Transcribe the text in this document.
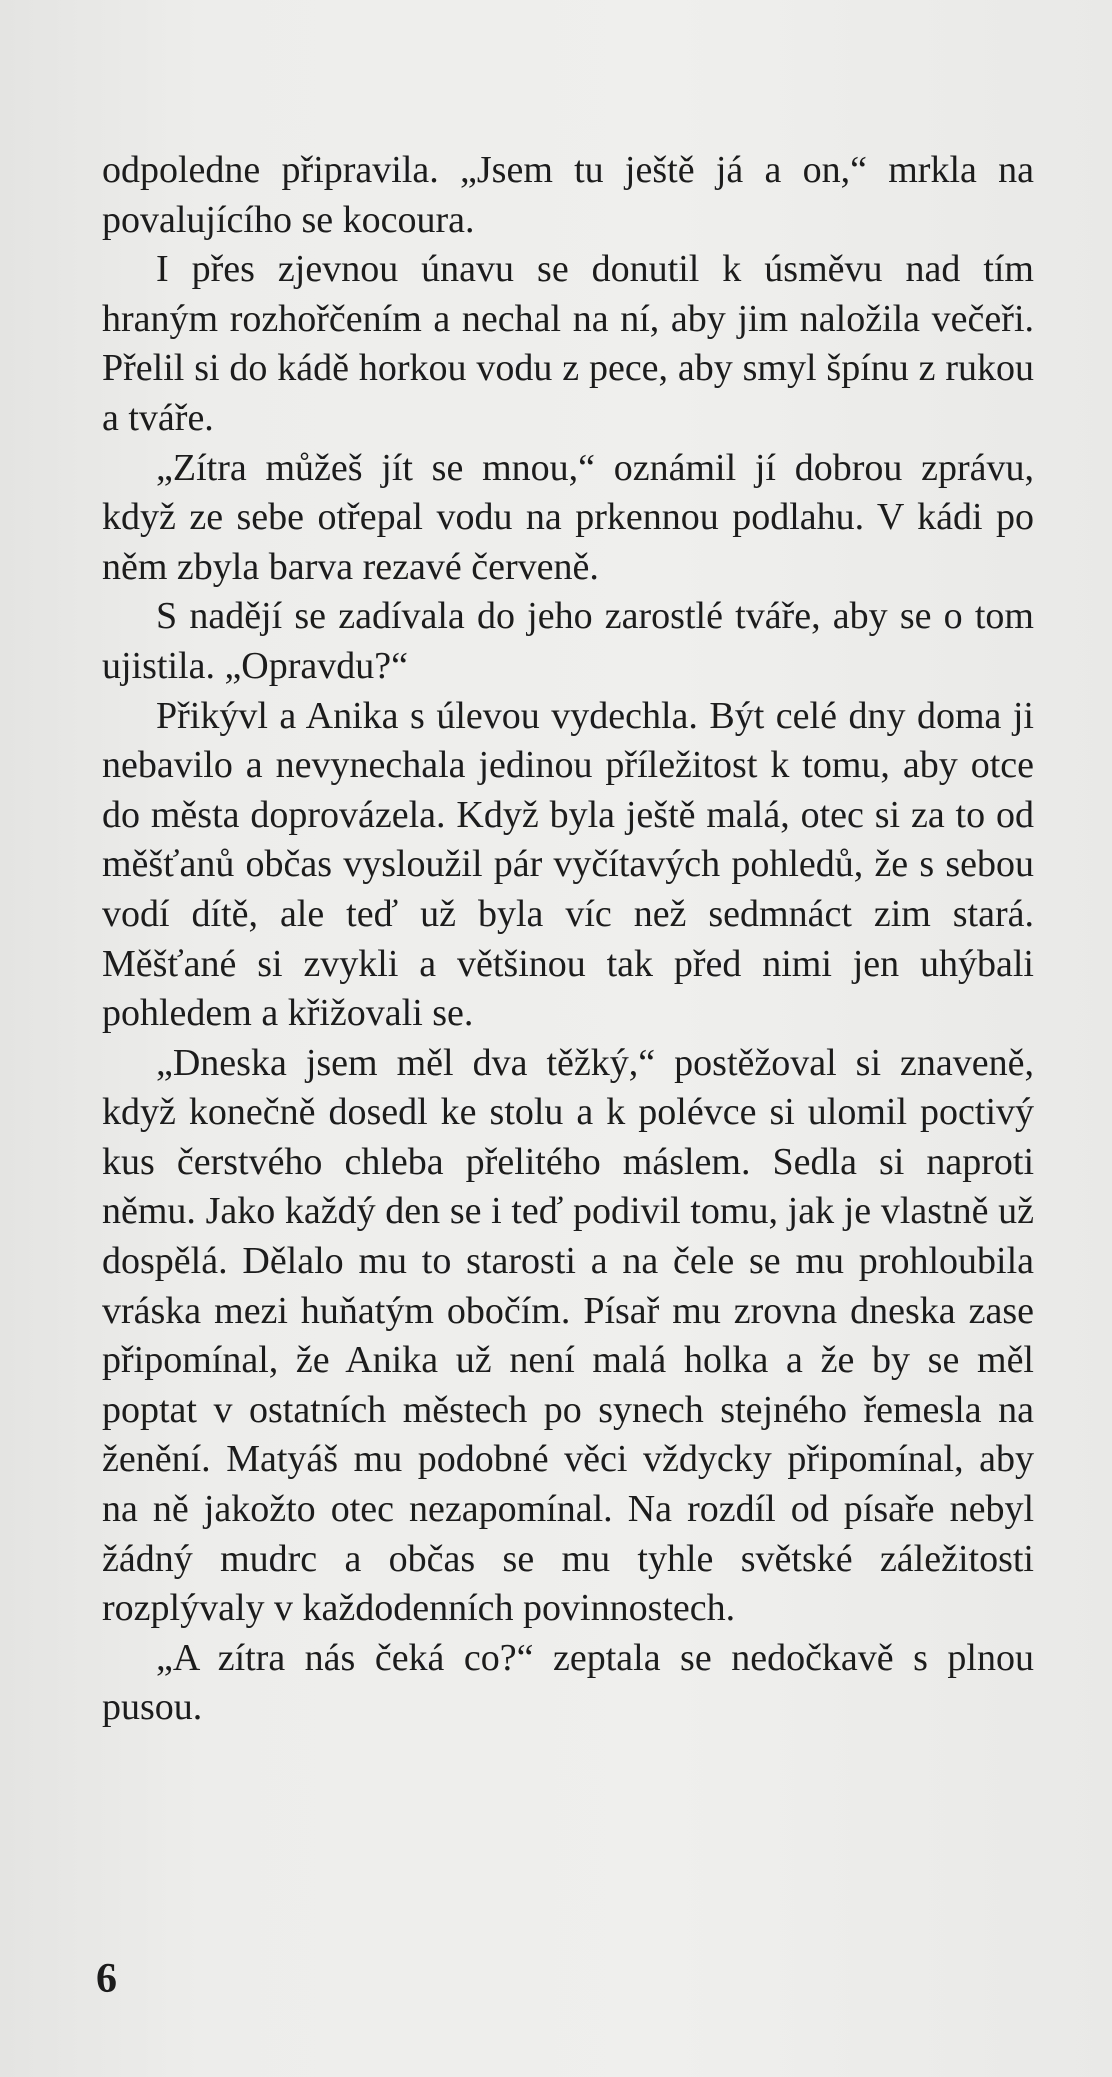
odpoledne připravila. „Jsem tu ještě já a on,“ mrkla na povalujícího se kocoura.

I přes zjevnou únavu se donutil k úsměvu nad tím hraným rozhořčením a nechal na ní, aby jim naložila večeři. Přelil si do kádě horkou vodu z pece, aby smyl špínu z rukou a tváře.

„Zítra můžeš jít se mnou,“ oznámil jí dobrou zprávu, když ze sebe otřepal vodu na prkennou podlahu. V kádi po něm zbyla barva rezavé červeně.

S nadějí se zadívala do jeho zarostlé tváře, aby se o tom ujistila. „Opravdu?“

Přikývl a Anika s úlevou vydechla. Být celé dny doma ji nebavilo a nevynechala jedinou příležitost k tomu, aby otce do města doprovázela. Když byla ještě malá, otec si za to od měšťanů občas vysloužil pár vyčítavých pohledů, že s sebou vodí dítě, ale teď už byla víc než sedmnáct zim stará. Měšťané si zvykli a většinou tak před nimi jen uhýbali pohledem a křižovali se.

„Dneska jsem měl dva těžký,“ postěžoval si znaveně, když konečně dosedl ke stolu a k polévce si ulomil poctivý kus čerstvého chleba přelitého máslem. Sedla si naproti němu. Jako každý den se i teď podivil tomu, jak je vlastně už dospělá. Dělalo mu to starosti a na čele se mu prohloubila vráska mezi huňatým obočím. Písař mu zrovna dneska zase připomínal, že Anika už není malá holka a že by se měl poptat v ostatních městech po synech stejného řemesla na ženění. Matyáš mu podobné věci vždycky připomínal, aby na ně jakožto otec nezapomínal. Na rozdíl od písaře nebyl žádný mudrc a občas se mu tyhle světské záležitosti rozplývaly v každodenních povinnostech.

„A zítra nás čeká co?“ zeptala se nedočkavě s plnou pusou.

6
